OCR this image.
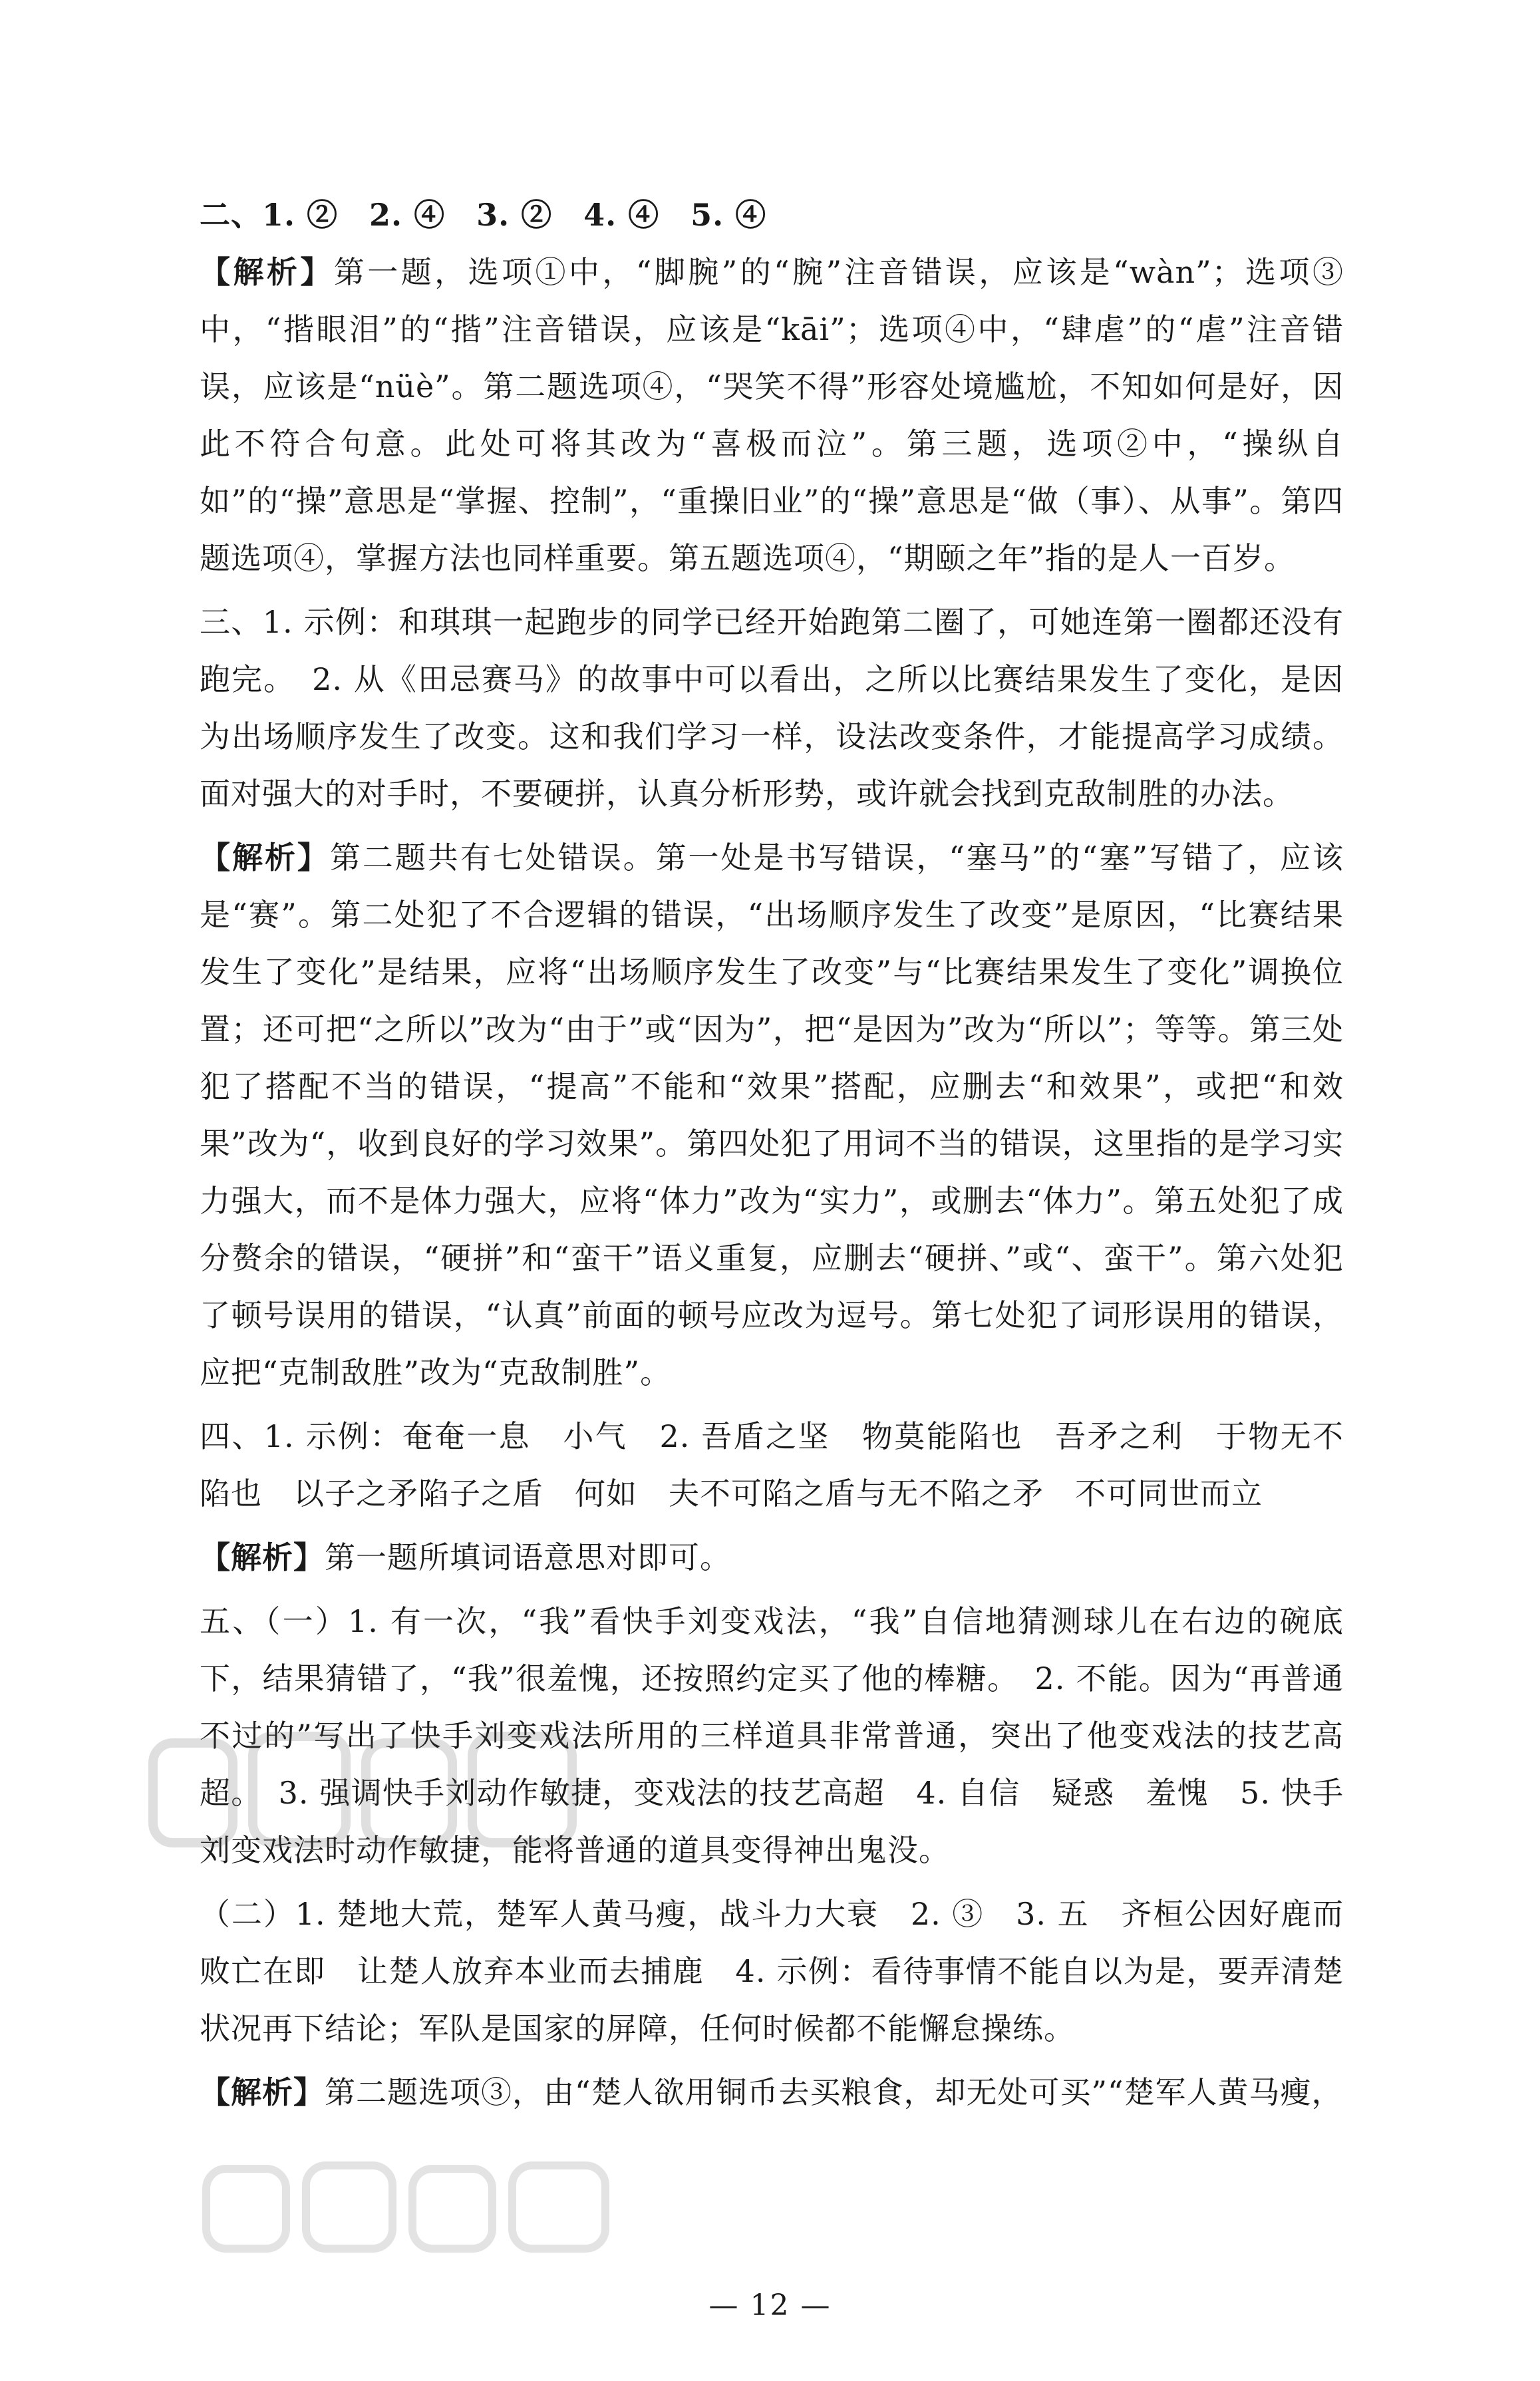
二、1. ②　2. ④　3. ②　4. ④　5. ④

【解析】第一题，选项①中，“脚腕”的“腕”注音错误，应该是“wàn”；选项③中，“揩眼泪”的“揩”注音错误，应该是“kāi”；选项④中，“肆虐”的“虐”注音错误，应该是“nüè”。第二题选项④，“哭笑不得”形容处境尴尬，不知如何是好，因此不符合句意。此处可将其改为“喜极而泣”。第三题，选项②中，“操纵自如”的“操”意思是“掌握、控制”，“重操旧业”的“操”意思是“做（事）、从事”。第四题选项④，掌握方法也同样重要。第五题选项④，“期颐之年”指的是人一百岁。

三、1. 示例：和琪琪一起跑步的同学已经开始跑第二圈了，可她连第一圈都还没有跑完。　2. 从《田忌赛马》的故事中可以看出，之所以比赛结果发生了变化，是因为出场顺序发生了改变。这和我们学习一样，设法改变条件，才能提高学习成绩。面对强大的对手时，不要硬拼，认真分析形势，或许就会找到克敌制胜的办法。

【解析】第二题共有七处错误。第一处是书写错误，“塞马”的“塞”写错了，应该是“赛”。第二处犯了不合逻辑的错误，“出场顺序发生了改变”是原因，“比赛结果发生了变化”是结果，应将“出场顺序发生了改变”与“比赛结果发生了变化”调换位置；还可把“之所以”改为“由于”或“因为”，把“是因为”改为“所以”；等等。第三处犯了搭配不当的错误，“提高”不能和“效果”搭配，应删去“和效果”，或把“和效果”改为“，收到良好的学习效果”。第四处犯了用词不当的错误，这里指的是学习实力强大，而不是体力强大，应将“体力”改为“实力”，或删去“体力”。第五处犯了成分赘余的错误，“硬拼”和“蛮干”语义重复，应删去“硬拼、”或“、蛮干”。第六处犯了顿号误用的错误，“认真”前面的顿号应改为逗号。第七处犯了词形误用的错误，应把“克制敌胜”改为“克敌制胜”。

四、1. 示例：奄奄一息　小气　2. 吾盾之坚　物莫能陷也　吾矛之利　于物无不陷也　以子之矛陷子之盾　何如　夫不可陷之盾与无不陷之矛　不可同世而立

【解析】第一题所填词语意思对即可。

五、（一）1. 有一次，“我”看快手刘变戏法，“我”自信地猜测球儿在右边的碗底下，结果猜错了，“我”很羞愧，还按照约定买了他的棒糖。　2. 不能。因为“再普通不过的”写出了快手刘变戏法所用的三样道具非常普通，突出了他变戏法的技艺高超。　3. 强调快手刘动作敏捷，变戏法的技艺高超　4. 自信　疑惑　羞愧　5. 快手刘变戏法时动作敏捷，能将普通的道具变得神出鬼没。

（二）1. 楚地大荒，楚军人黄马瘦，战斗力大衰　2. ③　3. 五　齐桓公因好鹿而败亡在即　让楚人放弃本业而去捕鹿　4. 示例：看待事情不能自以为是，要弄清楚状况再下结论；军队是国家的屏障，任何时候都不能懈怠操练。

【解析】第二题选项③，由“楚人欲用铜币去买粮食，却无处可买”“楚军人黄马瘦，

— 12 —
